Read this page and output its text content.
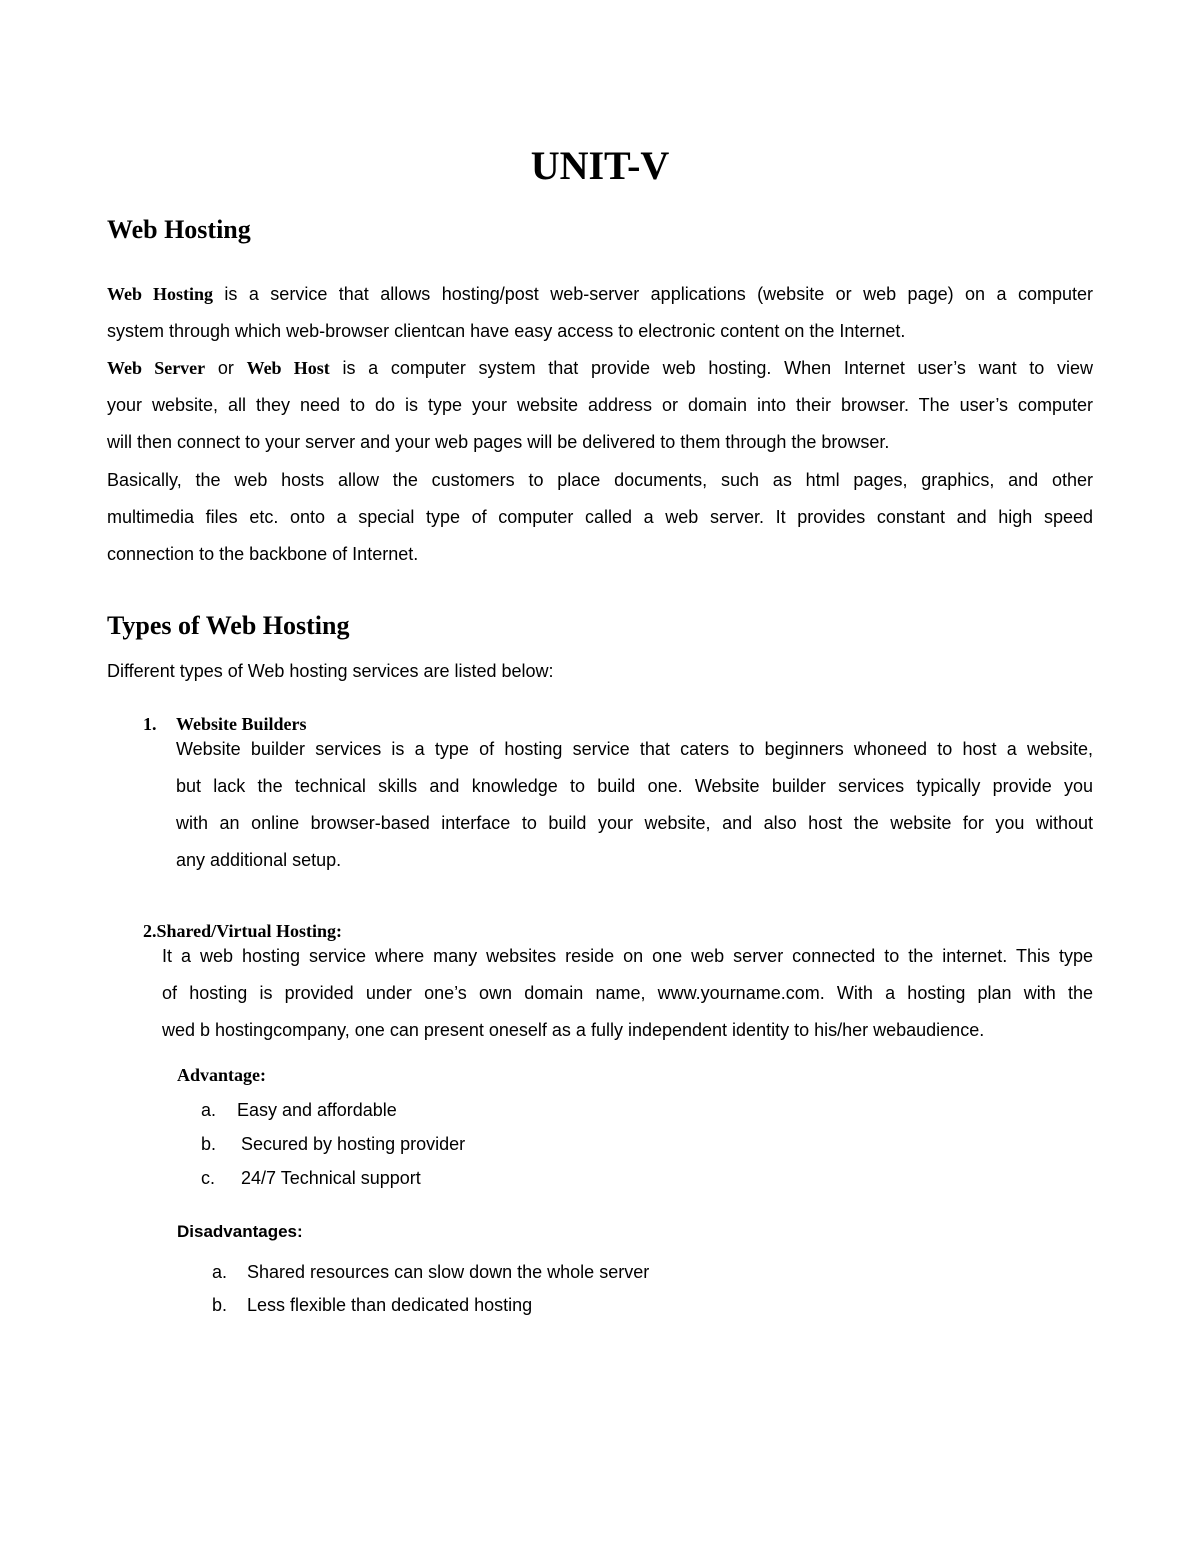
UNIT-V
Web Hosting
Web Hosting is a service that allows hosting/post web-server applications (website or web page) on a computer
system through which web-browser clientcan have easy access to electronic content on the Internet.
Web Server or Web Host is a computer system that provide web hosting. When Internet user’s want to view
your website, all they need to do is type your website address or domain into their browser. The user’s computer
will then connect to your server and your web pages will be delivered to them through the browser.
Basically, the web hosts allow the customers to place documents, such as html pages, graphics, and other
multimedia files etc. onto a special type of computer called a web server. It provides constant and high speed
connection to the backbone of Internet.
Types of Web Hosting
Different types of Web hosting services are listed below:
1. Website Builders
Website builder services is a type of hosting service that caters to beginners whoneed to host a website,
but lack the technical skills and knowledge to build one. Website builder services typically provide you
with an online browser-based interface to build your website, and also host the website for you without
any additional setup.
2.Shared/Virtual Hosting:
It a web hosting service where many websites reside on one web server connected to the internet. This type
of hosting is provided under one’s own domain name, www.yourname.com. With a hosting plan with the
wed b hostingcompany, one can present oneself as a fully independent identity to his/her webaudience.
Advantage:
a. Easy and affordable
b. Secured by hosting provider
c. 24/7 Technical support
Disadvantages:
a. Shared resources can slow down the whole server
b. Less flexible than dedicated hosting
